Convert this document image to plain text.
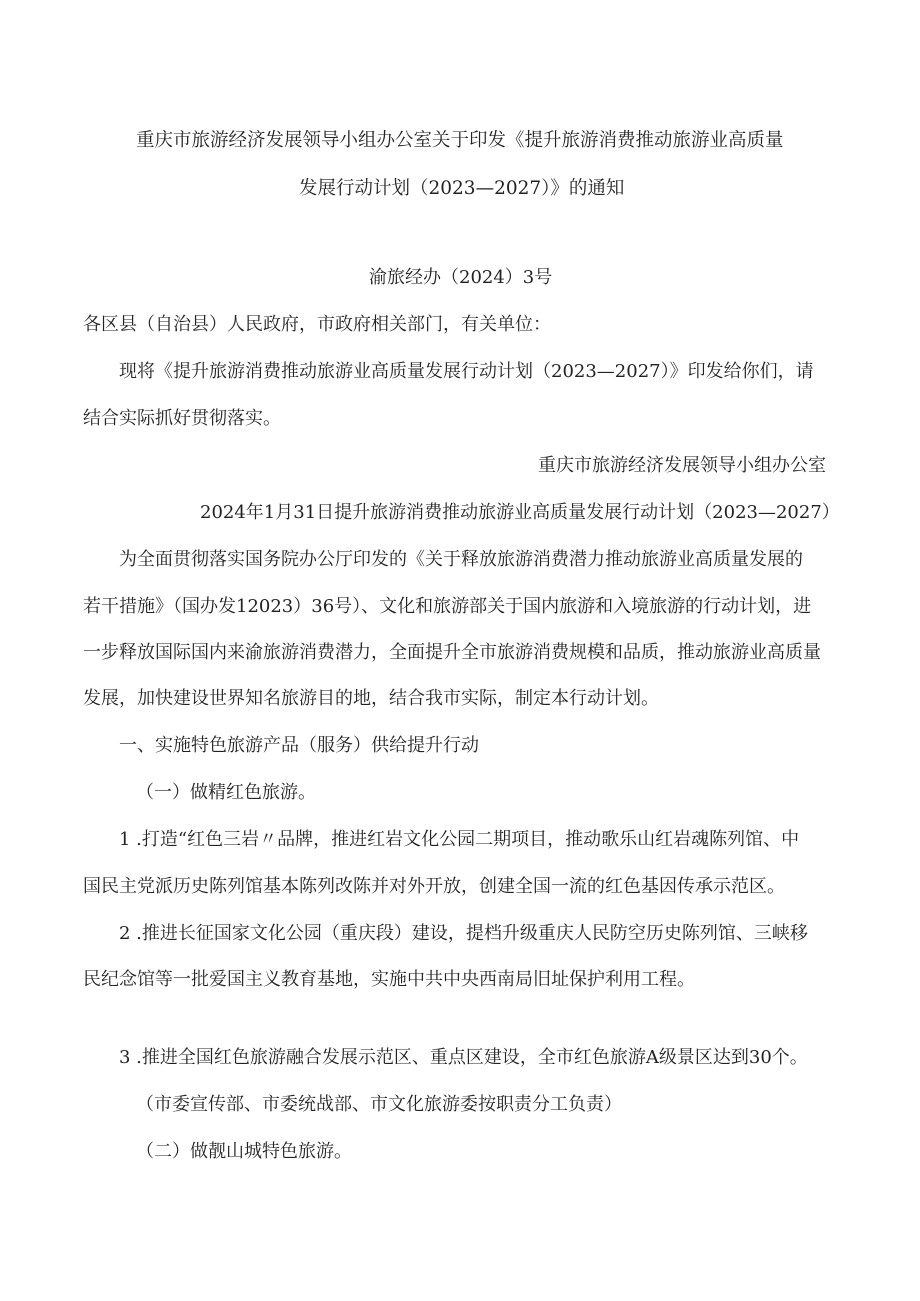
重庆市旅游经济发展领导小组办公室关于印发《提升旅游消费推动旅游业高质量

发展行动计划（2023—2027）》的通知

渝旅经办（2024）3号

各区县（自治县）人民政府，市政府相关部门，有关单位：

现将《提升旅游消费推动旅游业高质量发展行动计划（2023—2027）》印发给你们，请

结合实际抓好贯彻落实。

重庆市旅游经济发展领导小组办公室

2024年1月31日提升旅游消费推动旅游业高质量发展行动计划（2023—2027）

为全面贯彻落实国务院办公厅印发的《关于释放旅游消费潜力推动旅游业高质量发展的

若干措施》（国办发12023）36号）、文化和旅游部关于国内旅游和入境旅游的行动计划，进

一步释放国际国内来渝旅游消费潜力，全面提升全市旅游消费规模和品质，推动旅游业高质量

发展，加快建设世界知名旅游目的地，结合我市实际，制定本行动计划。

一、实施特色旅游产品（服务）供给提升行动

（一）做精红色旅游。

1 .打造“红色三岩〃品牌，推进红岩文化公园二期项目，推动歌乐山红岩魂陈列馆、中

国民主党派历史陈列馆基本陈列改陈并对外开放，创建全国一流的红色基因传承示范区。

2 .推进长征国家文化公园（重庆段）建设，提档升级重庆人民防空历史陈列馆、三峡移

民纪念馆等一批爱国主义教育基地，实施中共中央西南局旧址保护利用工程。

3 .推进全国红色旅游融合发展示范区、重点区建设，全市红色旅游A级景区达到30个。

（市委宣传部、市委统战部、市文化旅游委按职责分工负责）

（二）做靓山城特色旅游。
